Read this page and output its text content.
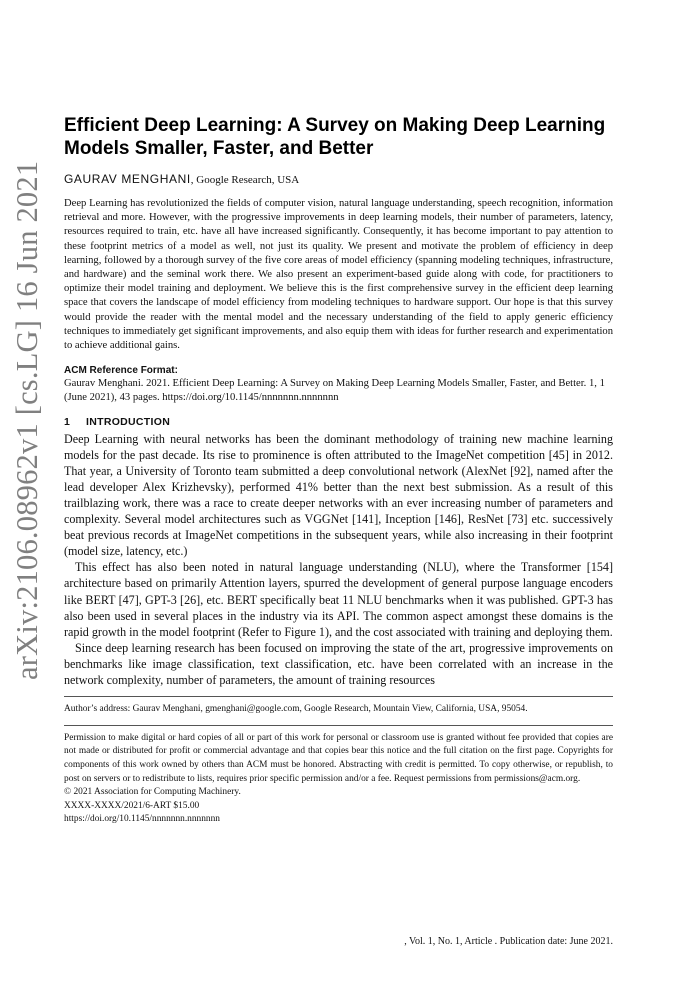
arXiv:2106.08962v1 [cs.LG] 16 Jun 2021
Efficient Deep Learning: A Survey on Making Deep Learning Models Smaller, Faster, and Better

GAURAV MENGHANI, Google Research, USA

Deep Learning has revolutionized the fields of computer vision, natural language understanding, speech recognition, information retrieval and more. However, with the progressive improvements in deep learning models, their number of parameters, latency, resources required to train, etc. have all have increased significantly. Consequently, it has become important to pay attention to these footprint metrics of a model as well, not just its quality. We present and motivate the problem of efficiency in deep learning, followed by a thorough survey of the five core areas of model efficiency (spanning modeling techniques, infrastructure, and hardware) and the seminal work there. We also present an experiment-based guide along with code, for practitioners to optimize their model training and deployment. We believe this is the first comprehensive survey in the efficient deep learning space that covers the landscape of model efficiency from modeling techniques to hardware support. Our hope is that this survey would provide the reader with the mental model and the necessary understanding of the field to apply generic efficiency techniques to immediately get significant improvements, and also equip them with ideas for further research and experimentation to achieve additional gains.

ACM Reference Format:

Gaurav Menghani. 2021. Efficient Deep Learning: A Survey on Making Deep Learning Models Smaller, Faster, and Better. 1, 1 (June 2021), 43 pages. https://doi.org/10.1145/nnnnnnn.nnnnnnn

1 INTRODUCTION

Deep Learning with neural networks has been the dominant methodology of training new machine learning models for the past decade. Its rise to prominence is often attributed to the ImageNet competition [45] in 2012. That year, a University of Toronto team submitted a deep convolutional network (AlexNet [92], named after the lead developer Alex Krizhevsky), performed 41% better than the next best submission. As a result of this trailblazing work, there was a race to create deeper networks with an ever increasing number of parameters and complexity. Several model architectures such as VGGNet [141], Inception [146], ResNet [73] etc. successively beat previous records at ImageNet competitions in the subsequent years, while also increasing in their footprint (model size, latency, etc.)

This effect has also been noted in natural language understanding (NLU), where the Transformer [154] architecture based on primarily Attention layers, spurred the development of general purpose language encoders like BERT [47], GPT-3 [26], etc. BERT specifically beat 11 NLU benchmarks when it was published. GPT-3 has also been used in several places in the industry via its API. The common aspect amongst these domains is the rapid growth in the model footprint (Refer to Figure 1), and the cost associated with training and deploying them.

Since deep learning research has been focused on improving the state of the art, progressive improvements on benchmarks like image classification, text classification, etc. have been correlated with an increase in the network complexity, number of parameters, the amount of training resources

Author’s address: Gaurav Menghani, gmenghani@google.com, Google Research, Mountain View, California, USA, 95054.

Permission to make digital or hard copies of all or part of this work for personal or classroom use is granted without fee provided that copies are not made or distributed for profit or commercial advantage and that copies bear this notice and the full citation on the first page. Copyrights for components of this work owned by others than ACM must be honored. Abstracting with credit is permitted. To copy otherwise, or republish, to post on servers or to redistribute to lists, requires prior specific permission and/or a fee. Request permissions from permissions@acm.org.

© 2021 Association for Computing Machinery.

XXXX-XXXX/2021/6-ART $15.00

https://doi.org/10.1145/nnnnnnn.nnnnnnn

, Vol. 1, No. 1, Article . Publication date: June 2021.
